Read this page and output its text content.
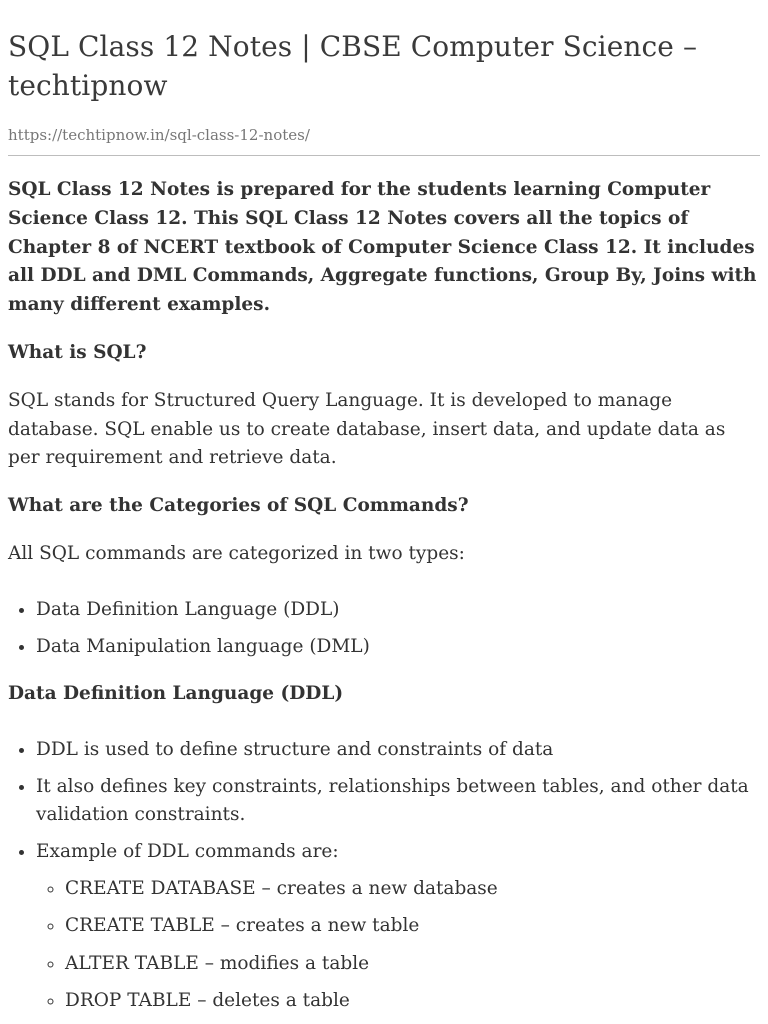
SQL Class 12 Notes | CBSE Computer Science – techtipnow

https://techtipnow.in/sql-class-12-notes/

SQL Class 12 Notes is prepared for the students learning Computer Science Class 12. This SQL Class 12 Notes covers all the topics of Chapter 8 of NCERT textbook of Computer Science Class 12. It includes all DDL and DML Commands, Aggregate functions, Group By, Joins with many different examples.

What is SQL?

SQL stands for Structured Query Language. It is developed to manage database. SQL enable us to create database, insert data, and update data as per requirement and retrieve data.

What are the Categories of SQL Commands?

All SQL commands are categorized in two types:

• Data Definition Language (DDL)
• Data Manipulation language (DML)

Data Definition Language (DDL)

• DDL is used to define structure and constraints of data
• It also defines key constraints, relationships between tables, and other data validation constraints.
• Example of DDL commands are:
◦ CREATE DATABASE – creates a new database
◦ CREATE TABLE – creates a new table
◦ ALTER TABLE – modifies a table
◦ DROP TABLE – deletes a table
